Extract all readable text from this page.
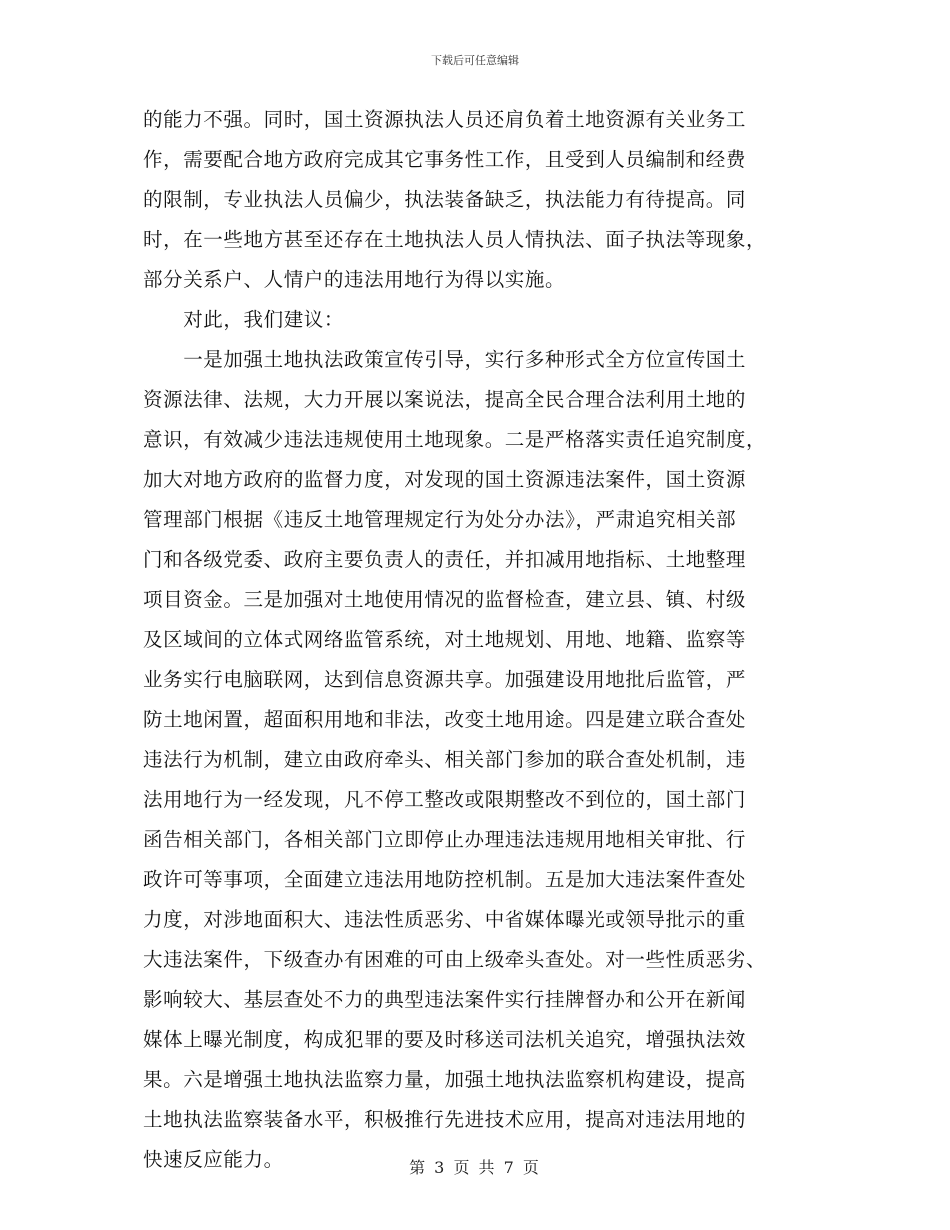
下载后可任意编辑
的能力不强。同时，国土资源执法人员还肩负着土地资源有关业务工
作，需要配合地方政府完成其它事务性工作，且受到人员编制和经费
的限制，专业执法人员偏少，执法装备缺乏，执法能力有待提高。同
时，在一些地方甚至还存在土地执法人员人情执法、面子执法等现象，
部分关系户、人情户的违法用地行为得以实施。
　　对此，我们建议：
　　一是加强土地执法政策宣传引导，实行多种形式全方位宣传国土
资源法律、法规，大力开展以案说法，提高全民合理合法利用土地的
意识，有效减少违法违规使用土地现象。二是严格落实责任追究制度，
加大对地方政府的监督力度，对发现的国土资源违法案件，国土资源
管理部门根据《违反土地管理规定行为处分办法》，严肃追究相关部
门和各级党委、政府主要负责人的责任，并扣减用地指标、土地整理
项目资金。三是加强对土地使用情况的监督检查，建立县、镇、村级
及区域间的立体式网络监管系统，对土地规划、用地、地籍、监察等
业务实行电脑联网，达到信息资源共享。加强建设用地批后监管，严
防土地闲置，超面积用地和非法，改变土地用途。四是建立联合查处
违法行为机制，建立由政府牵头、相关部门参加的联合查处机制，违
法用地行为一经发现，凡不停工整改或限期整改不到位的，国土部门
函告相关部门，各相关部门立即停止办理违法违规用地相关审批、行
政许可等事项，全面建立违法用地防控机制。五是加大违法案件查处
力度，对涉地面积大、违法性质恶劣、中省媒体曝光或领导批示的重
大违法案件，下级查办有困难的可由上级牵头查处。对一些性质恶劣、
影响较大、基层查处不力的典型违法案件实行挂牌督办和公开在新闻
媒体上曝光制度，构成犯罪的要及时移送司法机关追究，增强执法效
果。六是增强土地执法监察力量，加强土地执法监察机构建设，提高
土地执法监察装备水平，积极推行先进技术应用，提高对违法用地的
快速反应能力。	第 3 页 共 7 页
